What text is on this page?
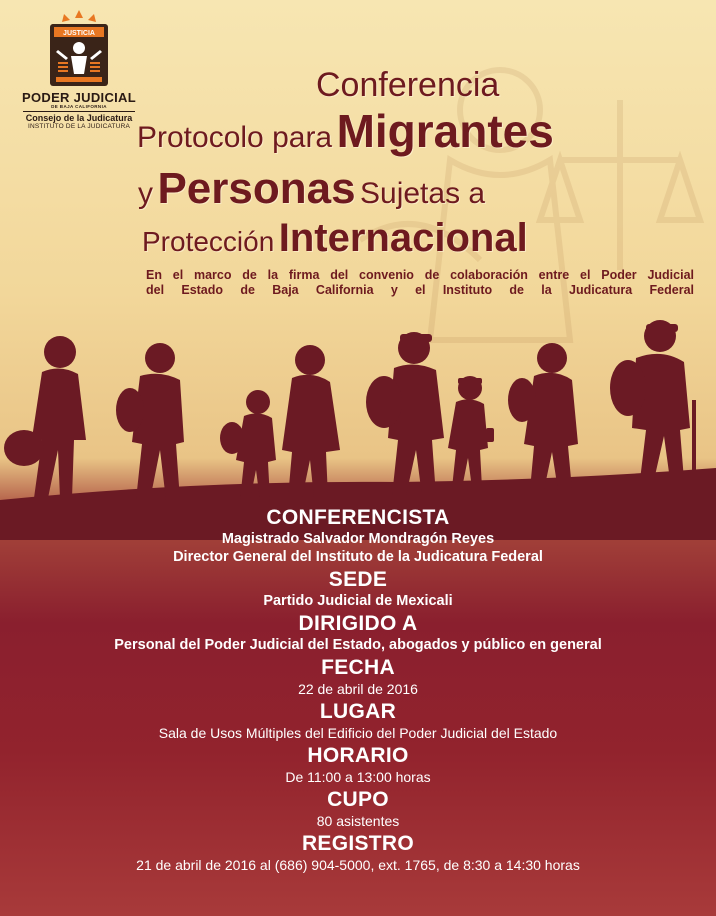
JUSTICIA
PODER JUDICIAL
DE BAJA CALIFORNIA
Consejo de la Judicatura
INSTITUTO DE LA JUDICATURA
Conferencia
Protocolo para Migrantes
y Personas Sujetas a
Protección Internacional
En el marco de la firma del convenio de colaboración entre el Poder Judicial
del Estado de Baja California y el Instituto de la Judicatura Federal
CONFERENCISTA
Magistrado Salvador Mondragón Reyes
Director General del Instituto de la Judicatura Federal
SEDE
Partido Judicial de Mexicali
DIRIGIDO A
Personal del Poder Judicial del Estado, abogados y público en general
FECHA
22 de abril de 2016
LUGAR
Sala de Usos Múltiples del Edificio del Poder Judicial del Estado
HORARIO
De 11:00 a 13:00 horas
CUPO
80 asistentes
REGISTRO
21 de abril de 2016 al (686) 904-5000, ext. 1765, de 8:30 a 14:30 horas
